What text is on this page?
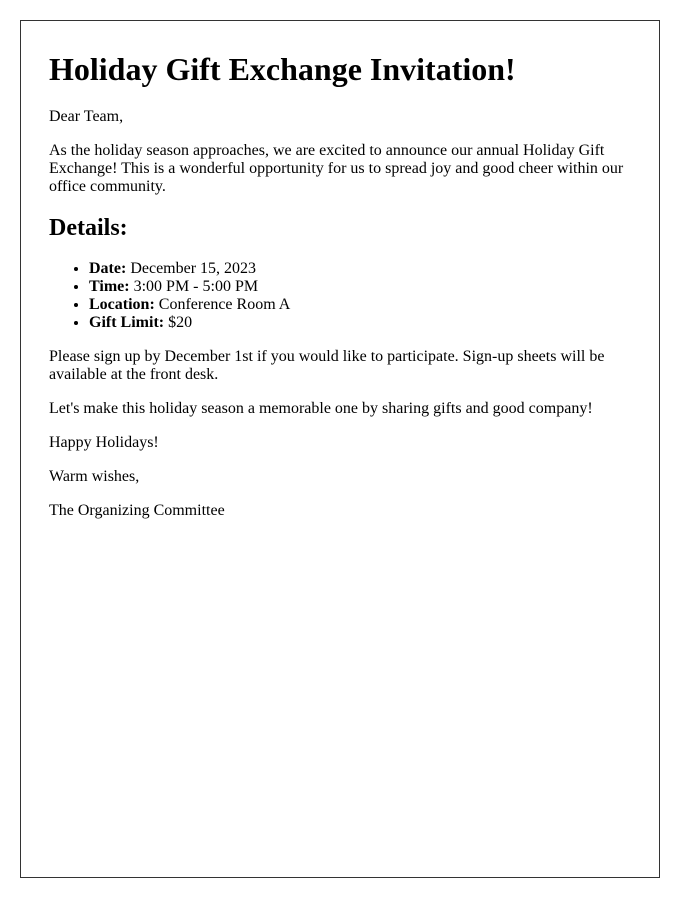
Holiday Gift Exchange Invitation!

Dear Team,

As the holiday season approaches, we are excited to announce our annual Holiday Gift Exchange! This is a wonderful opportunity for us to spread joy and good cheer within our office community.

Details:
• Date: December 15, 2023
• Time: 3:00 PM - 5:00 PM
• Location: Conference Room A
• Gift Limit: $20

Please sign up by December 1st if you would like to participate. Sign-up sheets will be available at the front desk.

Let's make this holiday season a memorable one by sharing gifts and good company!

Happy Holidays!

Warm wishes,

The Organizing Committee
